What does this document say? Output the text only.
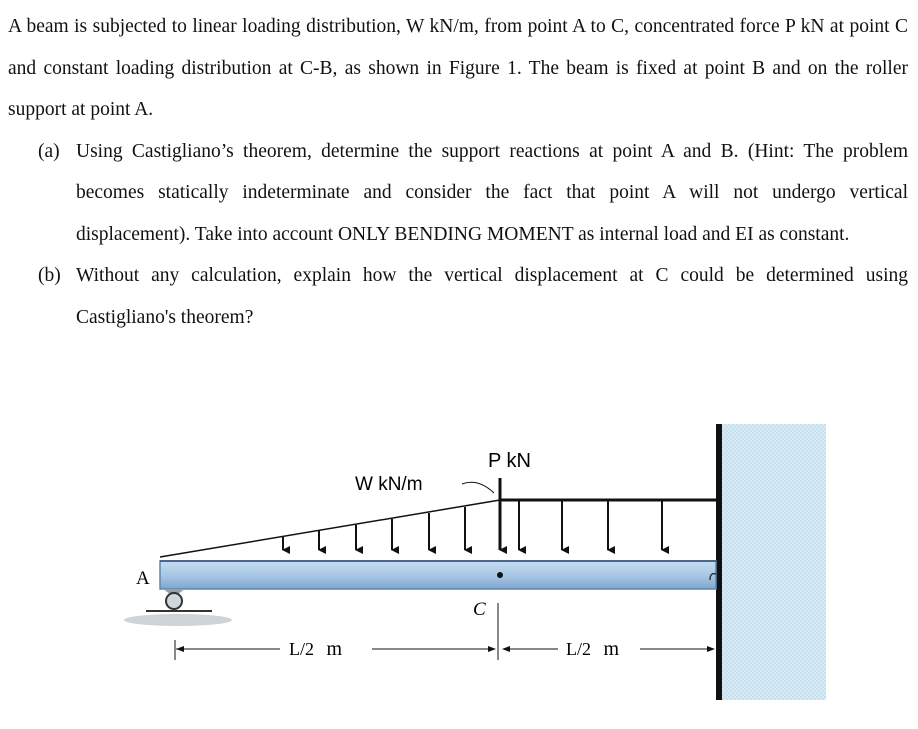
A beam is subjected to linear loading distribution, W kN/m, from point A to C, concentrated force P kN at point C and constant loading distribution at C-B, as shown in Figure 1. The beam is fixed at point B and on the roller support at point A.

(a) Using Castigliano’s theorem, determine the support reactions at point A and B. (Hint: The problem becomes statically indeterminate and consider the fact that point A will not undergo vertical displacement). Take into account ONLY BENDING MOMENT as internal load and EI as constant.

(b) Without any calculation, explain how the vertical displacement at C could be determined using Castigliano's theorem?

W kN/m
P kN
A
C
L/2 m	L/2 m
